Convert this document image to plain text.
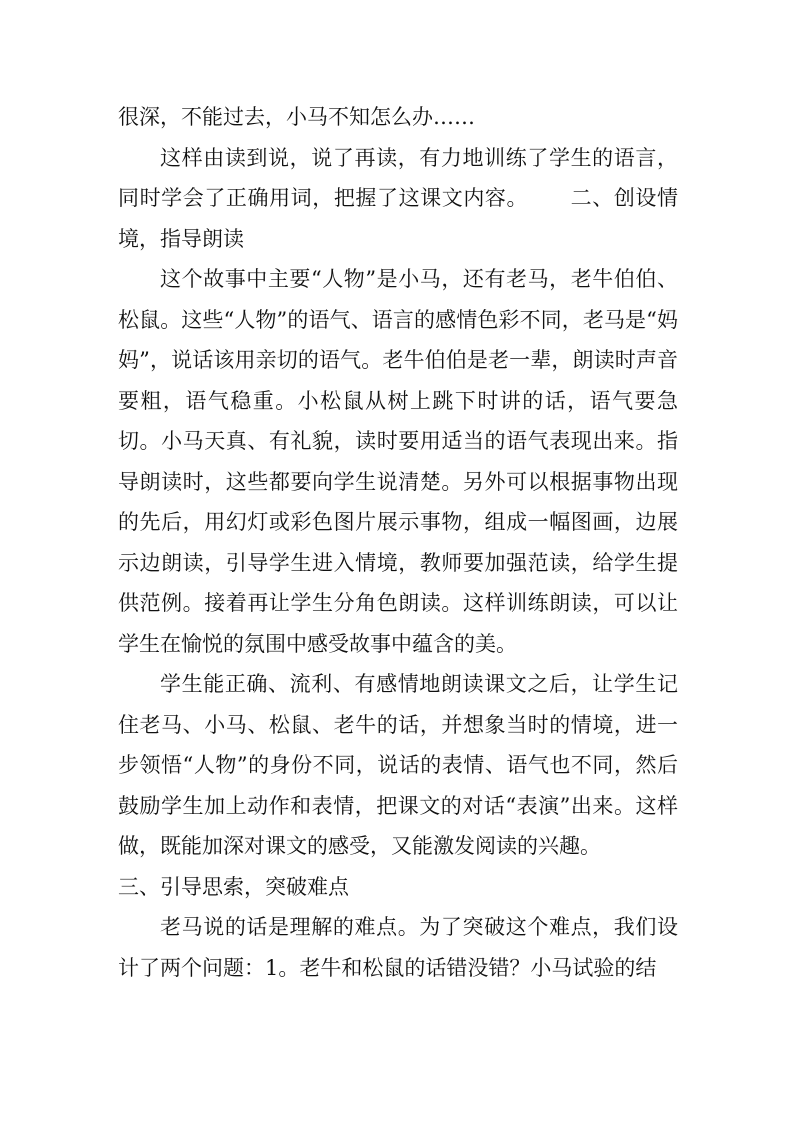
很深，不能过去，小马不知怎么办……

这样由读到说，说了再读，有力地训练了学生的语言，同时学会了正确用词，把握了这课文内容。 二、创设情境，指导朗读

这个故事中主要“人物”是小马，还有老马，老牛伯伯、松鼠。这些“人物”的语气、语言的感情色彩不同，老马是“妈妈”，说话该用亲切的语气。老牛伯伯是老一辈，朗读时声音要粗，语气稳重。小松鼠从树上跳下时讲的话，语气要急切。小马天真、有礼貌，读时要用适当的语气表现出来。指导朗读时，这些都要向学生说清楚。另外可以根据事物出现的先后，用幻灯或彩色图片展示事物，组成一幅图画，边展示边朗读，引导学生进入情境，教师要加强范读，给学生提供范例。接着再让学生分角色朗读。这样训练朗读，可以让学生在愉悦的氛围中感受故事中蕴含的美。

学生能正确、流利、有感情地朗读课文之后，让学生记住老马、小马、松鼠、老牛的话，并想象当时的情境，进一步领悟“人物”的身份不同，说话的表情、语气也不同，然后鼓励学生加上动作和表情，把课文的对话“表演”出来。这样做，既能加深对课文的感受，又能激发阅读的兴趣。

三、引导思索，突破难点

老马说的话是理解的难点。为了突破这个难点，我们设计了两个问题：1。老牛和松鼠的话错没错？小马试验的结
